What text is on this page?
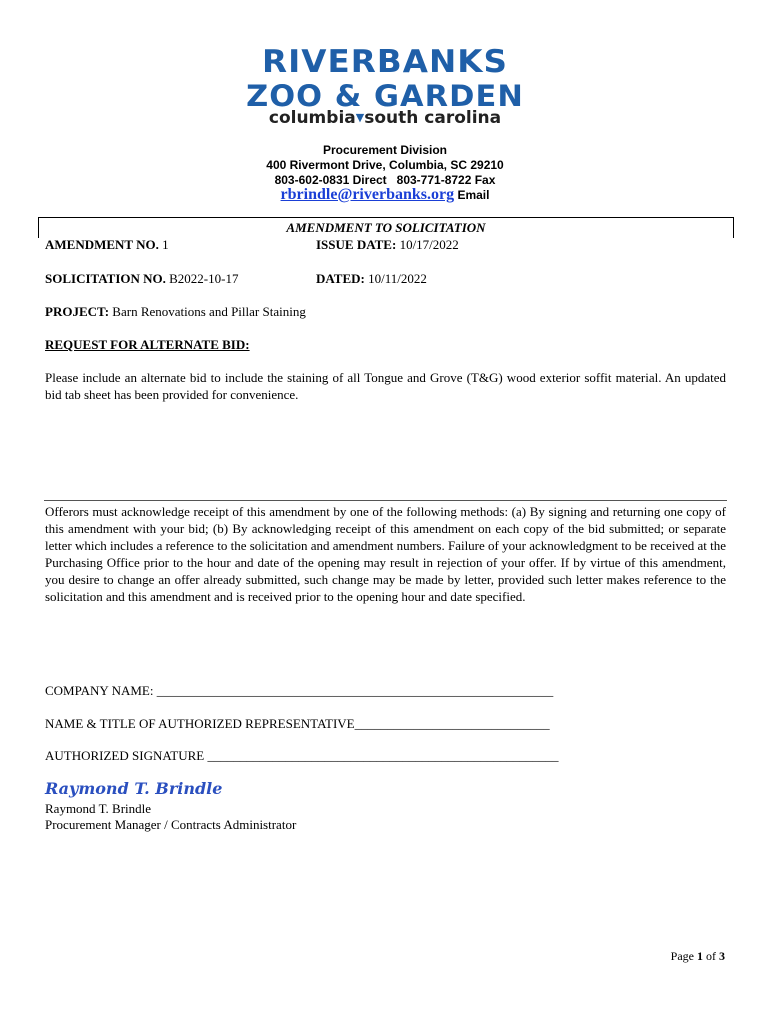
RIVERBANKS
ZOO & GARDEN
columbia▼south carolina
Procurement Division
400 Rivermont Drive, Columbia, SC 29210
803-602-0831 Direct   803-771-8722 Fax
rbrindle@riverbanks.org Email
AMENDMENT TO SOLICITATION
AMENDMENT NO. 1	ISSUE DATE: 10/17/2022
SOLICITATION NO. B2022-10-17	DATED: 10/11/2022
PROJECT: Barn Renovations and Pillar Staining
REQUEST FOR ALTERNATE BID:
Please include an alternate bid to include the staining of all Tongue and Grove (T&G) wood exterior soffit material. An updated bid tab sheet has been provided for convenience.
Offerors must acknowledge receipt of this amendment by one of the following methods: (a) By signing and returning one copy of this amendment with your bid; (b) By acknowledging receipt of this amendment on each copy of the bid submitted; or separate letter which includes a reference to the solicitation and amendment numbers. Failure of your acknowledgment to be received at the Purchasing Office prior to the hour and date of the opening may result in rejection of your offer. If by virtue of this amendment, you desire to change an offer already submitted, such change may be made by letter, provided such letter makes reference to the solicitation and this amendment and is received prior to the opening hour and date specified.
COMPANY NAME: _____________________________________________________________
NAME & TITLE OF AUTHORIZED REPRESENTATIVE______________________________
AUTHORIZED SIGNATURE ______________________________________________________
Raymond T. Brindle
Raymond T. Brindle
Procurement Manager / Contracts Administrator
Page 1 of 3
